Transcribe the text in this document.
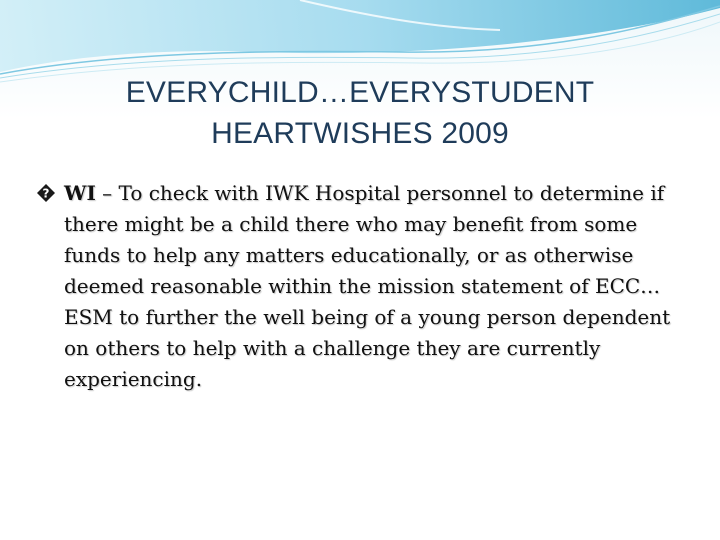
EVERYCHILD…EVERYSTUDENT
HEARTWISHES 2009

? WI – To check with IWK Hospital personnel to determine if there might be a child there who may benefit from some funds to help any matters educationally, or as otherwise deemed reasonable within the mission statement of ECC…ESM to further the well being of a young person dependent on others to help with a challenge they are currently experiencing.
